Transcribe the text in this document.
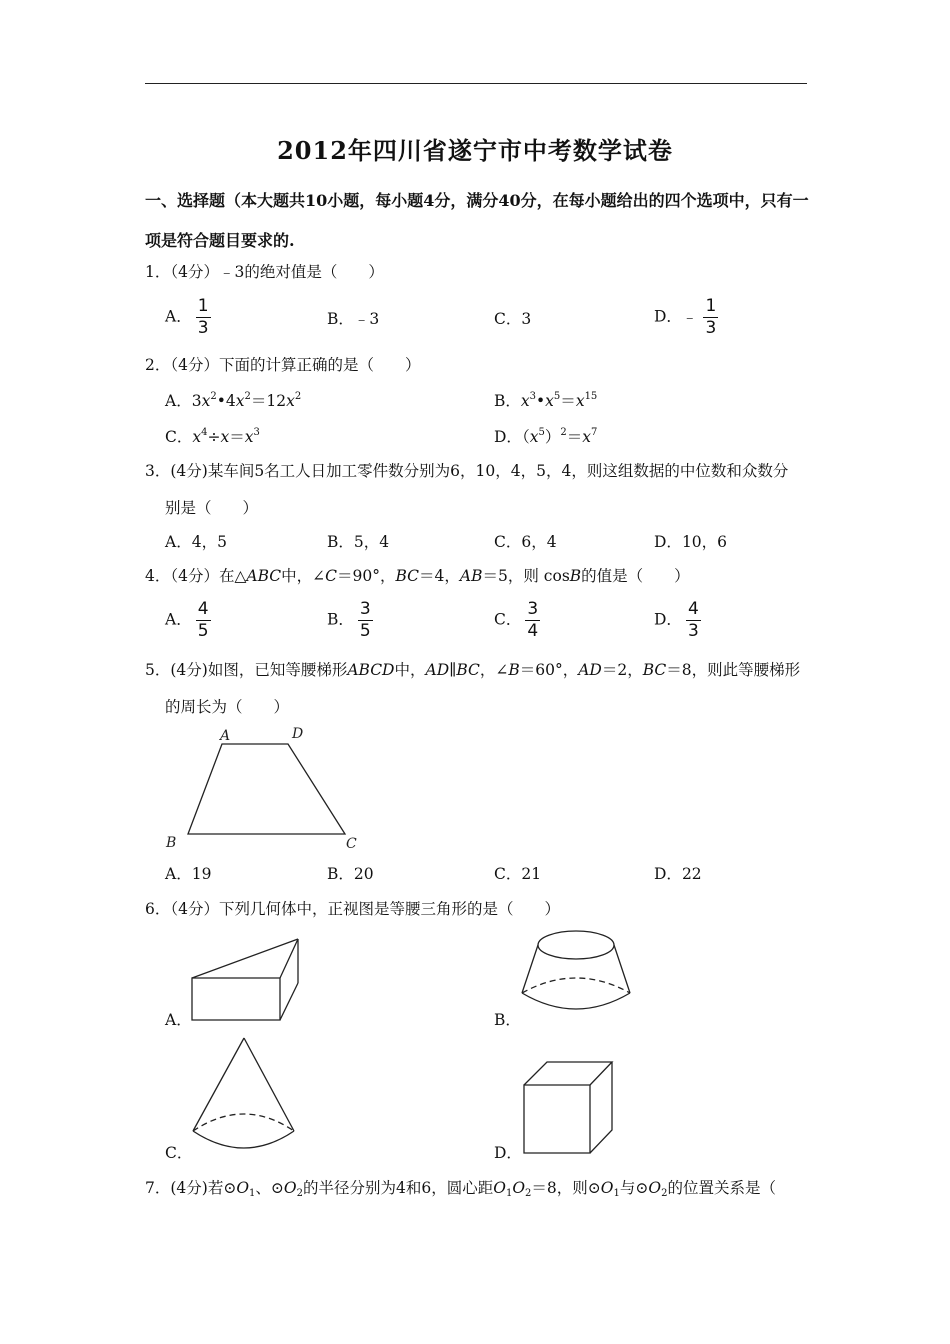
2012年四川省遂宁市中考数学试卷
一、选择题（本大题共10小题，每小题4分，满分40分，在每小题给出的四个选项中，只有一
项是符合题目要求的.
1．（4分）﹣3的绝对值是（　　）
A． $\frac{1}{3}$	B．﹣3	C．3	D．﹣ $\frac{1}{3}$
2．（4分）下面的计算正确的是（　　）
A．$3x^2•4x^2=12x^2$	B．$x^3•x^5=x^{15}$
C．$x^4\div x=x^3$	D．$(x^5)^2=x^7$
3．(4分)某车间5名工人日加工零件数分别为6，10，4，5，4，则这组数据的中位数和众数分
别是（　　）
A．4，5	B．5，4	C．6，4	D．10，6
4．（4分）在△ABC中，∠C＝90°，BC＝4，AB＝5，则 cosB的值是（　　）
A． $\frac{4}{5}$	B． $\frac{3}{5}$	C． $\frac{3}{4}$	D． $\frac{4}{3}$
5．(4分)如图，已知等腰梯形ABCD中，AD∥BC，∠B＝60°，AD＝2，BC＝8，则此等腰梯形
的周长为（　　）
A	D
B	C
A．19	B．20	C．21	D．22
6．（4分）下列几何体中，正视图是等腰三角形的是（　　）
A．	B．
C．	D．
7．(4分)若$⊙O_1$、$⊙O_2$的半径分别为4和6，圆心距$O_1O_2=8$，则$⊙O_1$与$⊙O_2$的位置关系是（
